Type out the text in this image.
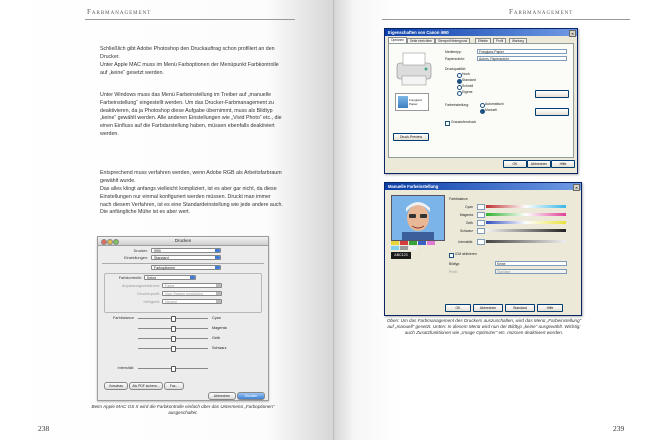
Farbmanagement
Schließlich gibt Adobe Photoshop den Druckauftrag schon profiliert an den Drucker.
Unter Apple MAC muss im Menü Farboptionen der Menüpunkt Farbkontrolle auf „keine“ gesetzt werden.
Unter Windows muss das Menü Farbeinstellung im Treiber auf „manuelle Farbeinstellung“ eingestellt werden. Um das Drucker-Farbmanagement zu deaktivieren, da ja Photoshop diese Aufgabe übernimmt, muss als Bildtyp „keine“ gewählt werden. Alle anderen Einstellungen wie „Vivid Photo“ etc., die einen Einfluss auf die Farbdarstellung haben, müssen ebenfalls deaktiviert werden.
Entsprechend muss verfahren werden, wenn Adobe RGB als Arbeitsfarbraum gewählt wurde.
Das alles klingt anfangs vielleicht kompliziert, ist es aber gar nicht, da diese Einstellungen nur einmal konfiguriert werden müssen. Druckt man immer nach diesem Verfahren, ist es eine Standardeinstellung wie jede andere auch. Die anfängliche Mühe ist es aber wert.
Drucken
Drucker:	i990
Einstellungen:	Standard
Farboptionen
Farbkontrolle:	Keine
Anpassungsverfahren:	Farbe
Druckerprofil:	Vom System empfohlen
Helligkeit:	Neutral
Farbbalance	Cyan
Magenta
Gelb
Schwarz
Intensität:
Vorschau	Als PDF sichern...	Fax...
Abbrechen	Drucken
Beim Apple MAC OS X wird die Farbkontrolle einfach über das Untermenü „Farboptionen“ ausgeschaltet.
238
Farbmanagement
Eigenschaften von Canon i990	×
Optionen	Seite einrichten	Stempel/Hintergrund	Effekte	Profil	Wartung
Fotoglanz Papier
Druck-Preview
Medientyp:	Fotoglanz Papier
Papierzufuhr:	Autom. Papierzufuhr
Druckqualität:
Hoch
Standard
Schnell
Eigene
Farbeinstellung:	Automatisch
Manuell
Graustufendruck
OK	Abbrechen	Hilfe
Manuelle Farbeinstellung	×
ABC123
Farbbalance
Cyan
Magenta
Gelb
Schwarz
Intensität:
ICM aktivieren
Bildtyp:	Keine
Profil:	Standard
OK	Abbrechen	Standard	Hilfe
Oben: Um das Farbmanagement des Druckers auszuschalten, wird das Menü „Farbeinstellung“ auf „manuell“ gesetzt. Unten: In diesem Menü wird nun der Bildtyp „keine“ ausgewählt. Wichtig: auch Zusatzfunktionen wie „Image Optimizer“ etc. müssen deaktiviert werden.
239
